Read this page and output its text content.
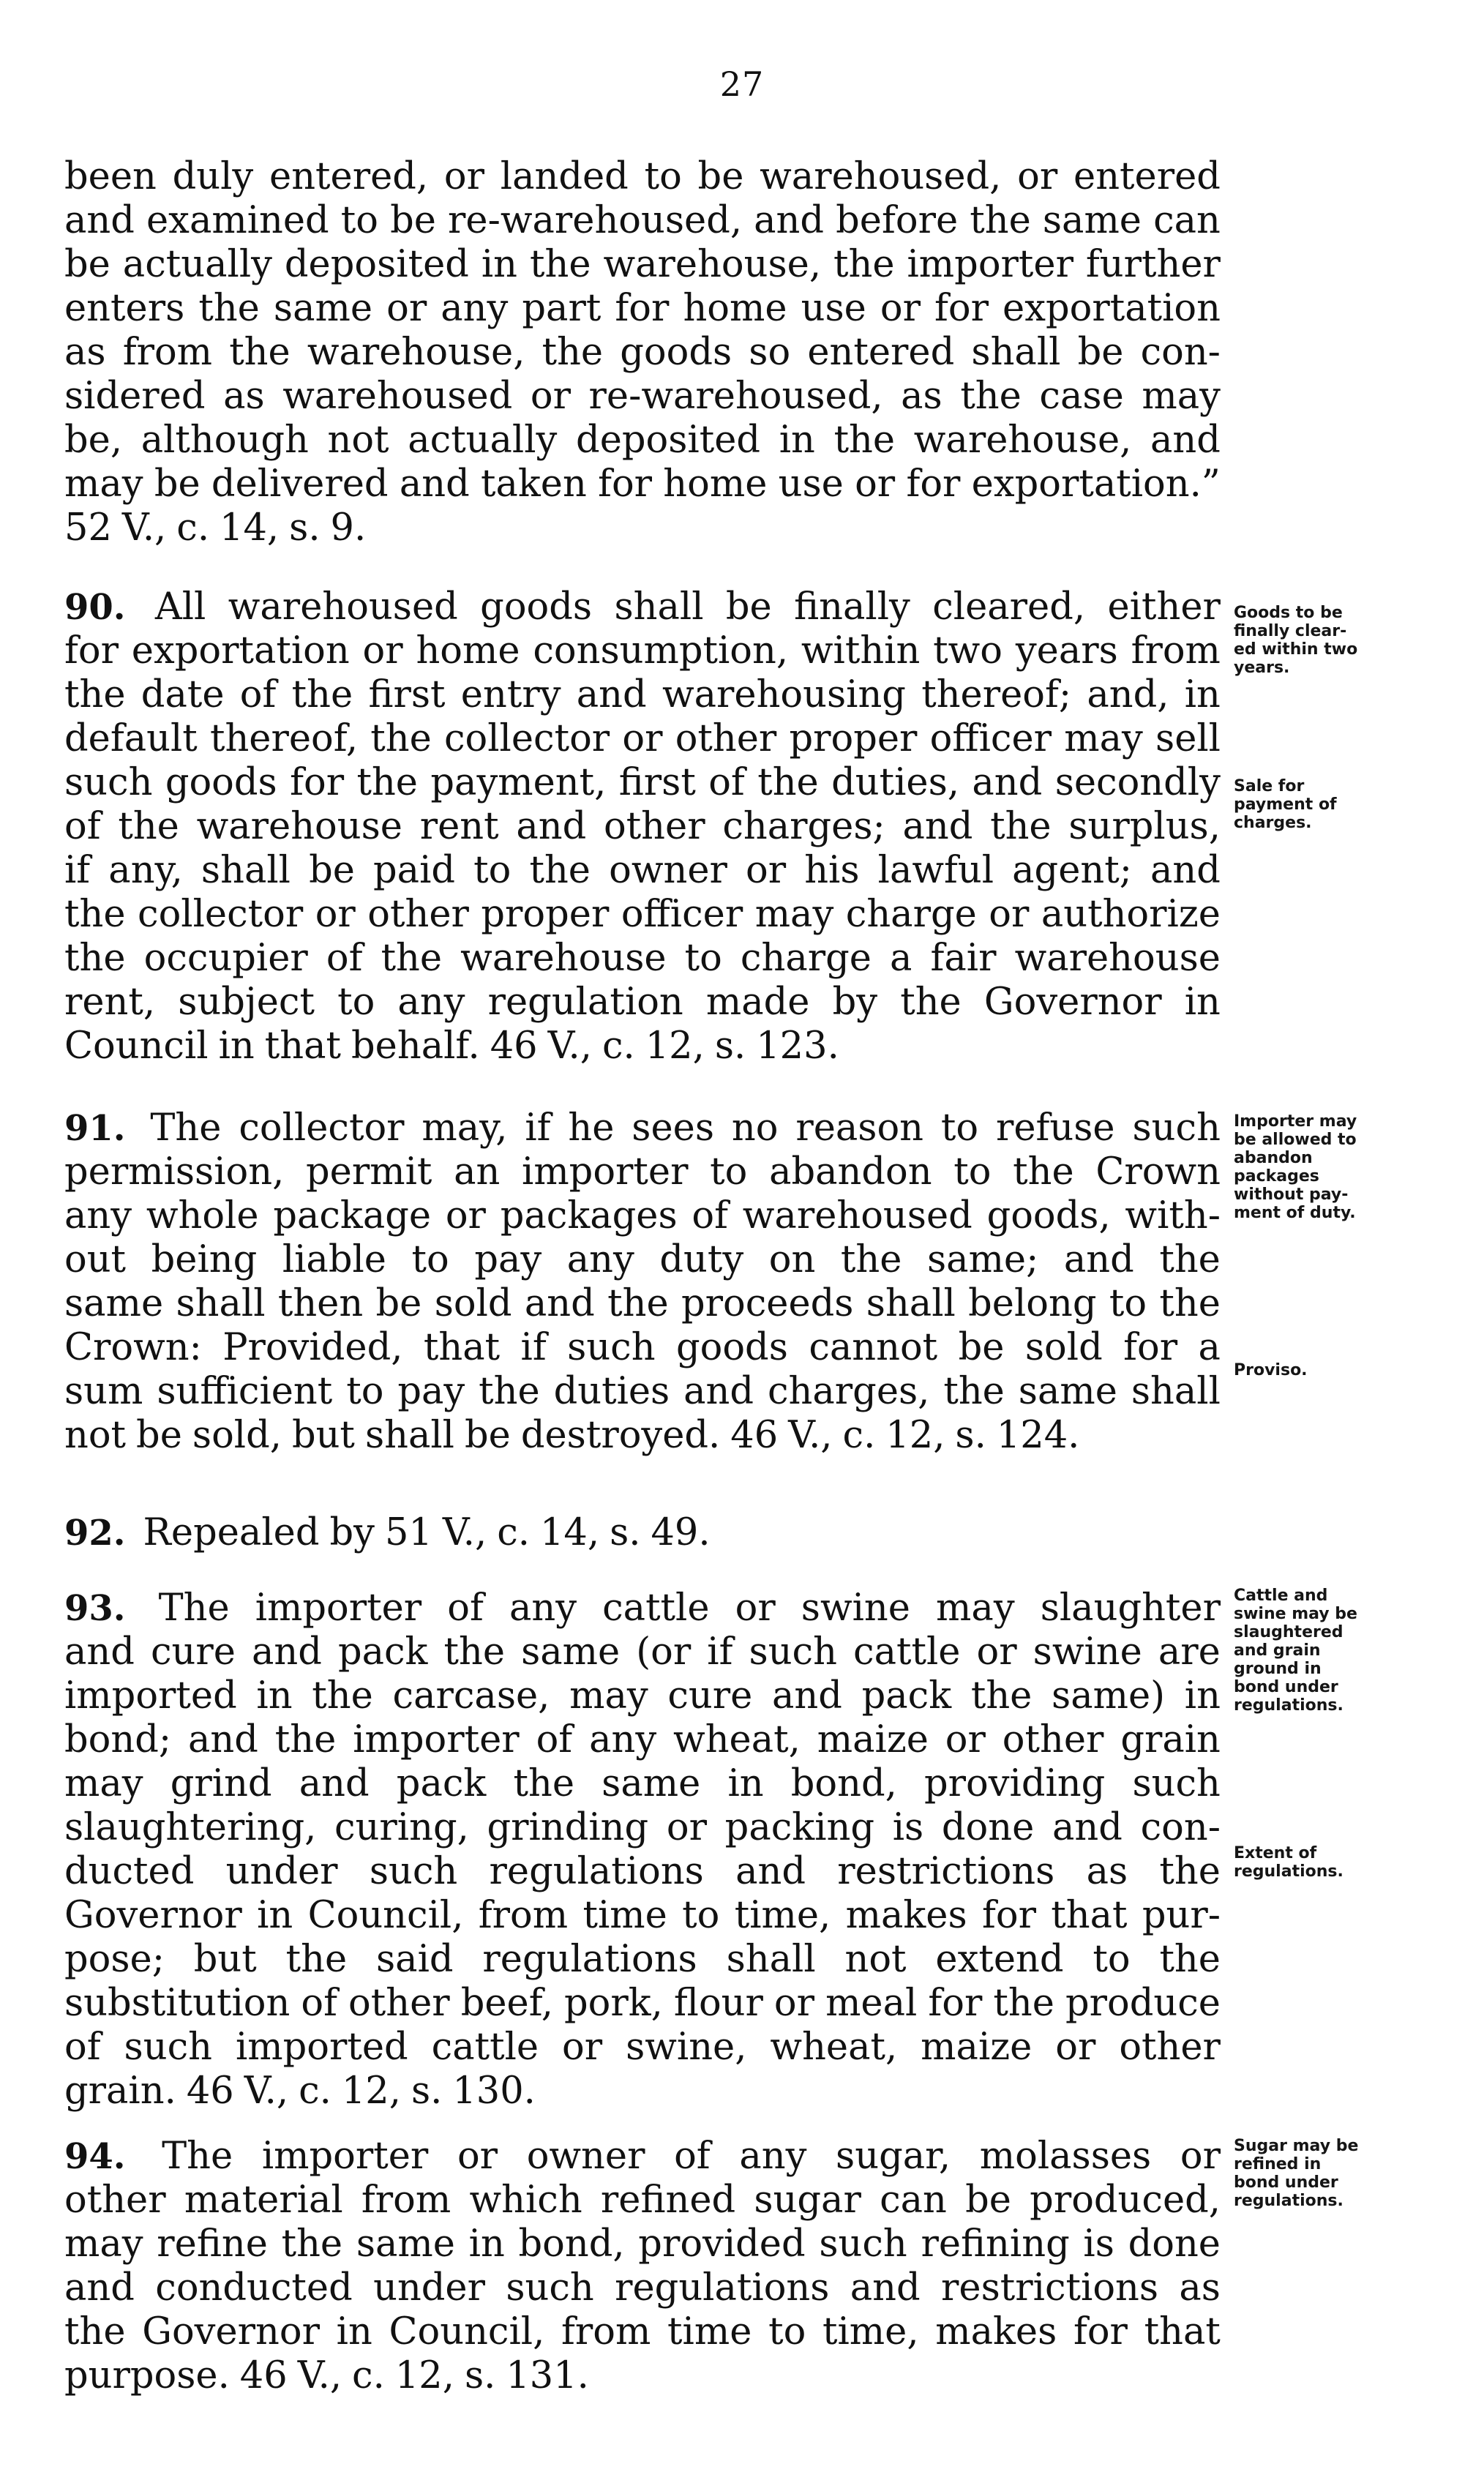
27
been duly entered, or landed to be warehoused, or entered
and examined to be re-warehoused, and before the same can
be actually deposited in the warehouse, the importer further
enters the same or any part for home use or for exportation
as from the warehouse, the goods so entered shall be con-
sidered as warehoused or re-warehoused, as the case may
be, although not actually deposited in the warehouse, and
may be delivered and taken for home use or for exportation.”
52 V., c. 14, s. 9.
90. All warehoused goods shall be finally cleared, either
for exportation or home consumption, within two years from
the date of the first entry and warehousing thereof; and, in
default thereof, the collector or other proper officer may sell
such goods for the payment, first of the duties, and secondly
of the warehouse rent and other charges; and the surplus,
if any, shall be paid to the owner or his lawful agent; and
the collector or other proper officer may charge or authorize
the occupier of the warehouse to charge a fair warehouse
rent, subject to any regulation made by the Governor in
Council in that behalf. 46 V., c. 12, s. 123.
91. The collector may, if he sees no reason to refuse such
permission, permit an importer to abandon to the Crown
any whole package or packages of warehoused goods, with-
out being liable to pay any duty on the same; and the
same shall then be sold and the proceeds shall belong to the
Crown: Provided, that if such goods cannot be sold for a
sum sufficient to pay the duties and charges, the same shall
not be sold, but shall be destroyed. 46 V., c. 12, s. 124.
92. Repealed by 51 V., c. 14, s. 49.
93. The importer of any cattle or swine may slaughter
and cure and pack the same (or if such cattle or swine are
imported in the carcase, may cure and pack the same) in
bond; and the importer of any wheat, maize or other grain
may grind and pack the same in bond, providing such
slaughtering, curing, grinding or packing is done and con-
ducted under such regulations and restrictions as the
Governor in Council, from time to time, makes for that pur-
pose; but the said regulations shall not extend to the
substitution of other beef, pork, flour or meal for the produce
of such imported cattle or swine, wheat, maize or other
grain. 46 V., c. 12, s. 130.
94. The importer or owner of any sugar, molasses or
other material from which refined sugar can be produced,
may refine the same in bond, provided such refining is done
and conducted under such regulations and restrictions as
the Governor in Council, from time to time, makes for that
purpose. 46 V., c. 12, s. 131.
Goods to be
finally clear-
ed within two
years.
Sale for
payment of
charges.
Importer may
be allowed to
abandon
packages
without pay-
ment of duty.
Proviso.
Cattle and
swine may be
slaughtered
and grain
ground in
bond under
regulations.
Extent of
regulations.
Sugar may be
refined in
bond under
regulations.
